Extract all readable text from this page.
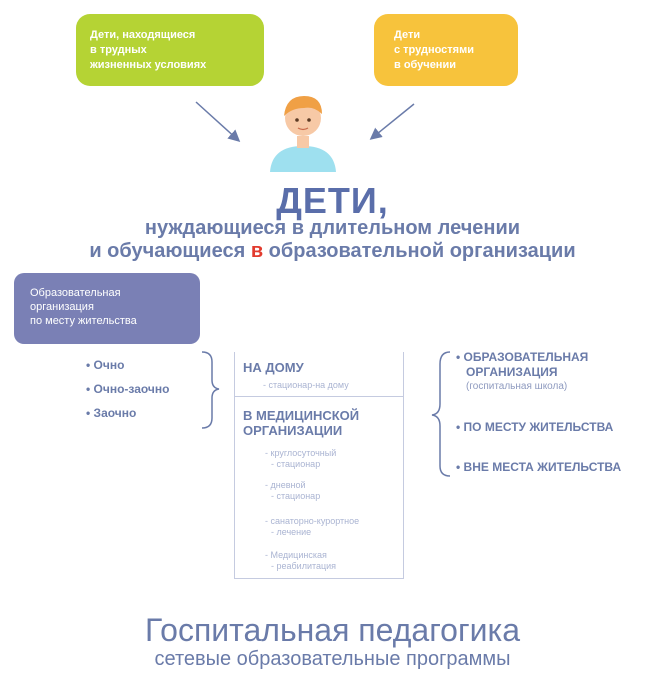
Дети, находящиеся
в трудных
жизненных условиях
Дети
с трудностями
в обучении
ДЕТИ,
нуждающиеся в длительном лечении
и обучающиеся в образовательной организации
Образовательная
организация
по месту жительства
• Очно
• Очно-заочно
• Заочно
НА ДОМУ
- стационар-на дому
В МЕДИЦИНСКОЙ
ОРГАНИЗАЦИИ
- круглосуточный
- стационар
- дневной
- стационар
- санаторно-курортное
- лечение
- Медицинская
- реабилитация
• ОБРАЗОВАТЕЛЬНАЯ
ОРГАНИЗАЦИЯ
(госпитальная школа)
• ПО МЕСТУ ЖИТЕЛЬСТВА
• ВНЕ МЕСТА ЖИТЕЛЬСТВА
Госпитальная педагогика
сетевые образовательные программы
